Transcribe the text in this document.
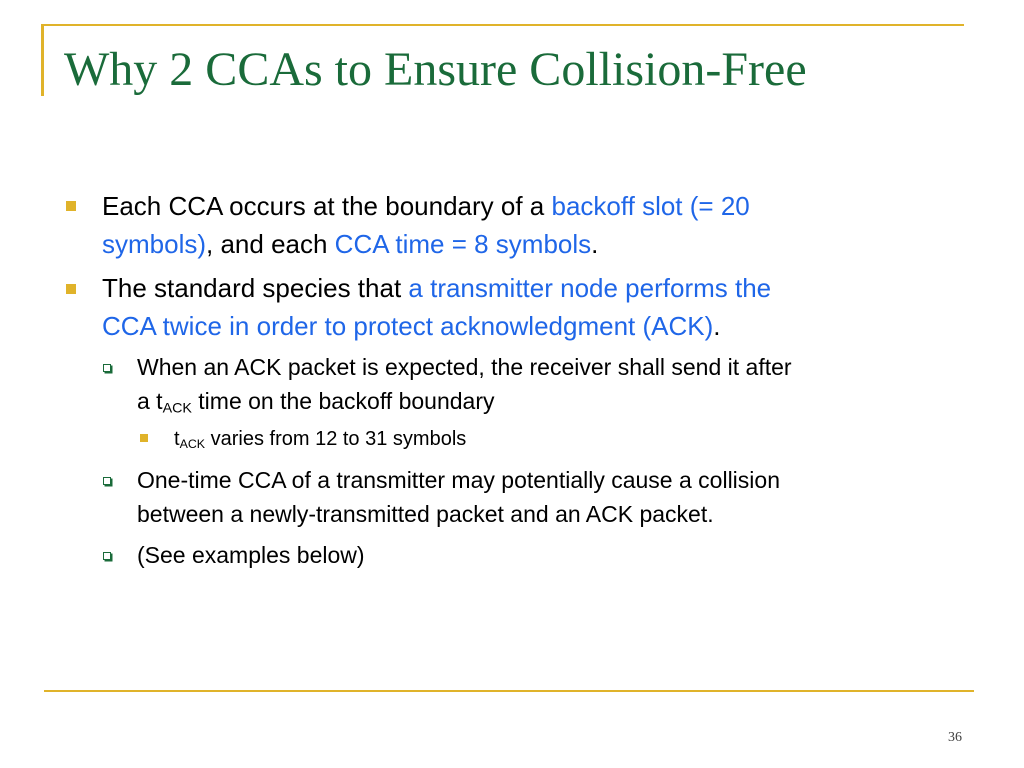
Why 2 CCAs to Ensure Collision-Free
Each CCA occurs at the boundary of a backoff slot (= 20
symbols), and each CCA time = 8 symbols.
The standard species that a transmitter node performs the
CCA twice in order to protect acknowledgment (ACK).
When an ACK packet is expected, the receiver shall send it after
a $t_{ACK}$ time on the backoff boundary
$t_{ACK}$ varies from 12 to 31 symbols
One-time CCA of a transmitter may potentially cause a collision
between a newly-transmitted packet and an ACK packet.
(See examples below)
36
